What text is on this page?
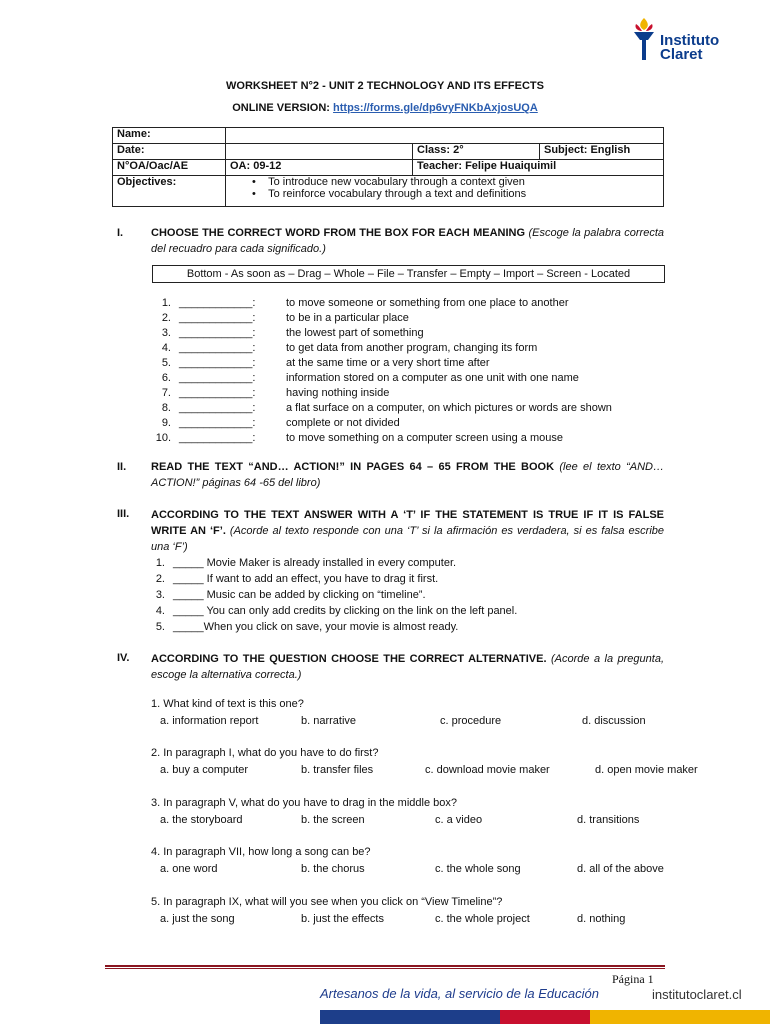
Instituto
Claret
WORKSHEET N°2 - UNIT 2 TECHNOLOGY AND ITS EFFECTS
ONLINE VERSION: https://forms.gle/dp6vyFNKbAxjosUQA
Name:			
Date:		Class: 2°	Subject: English
N°OA/Oac/AE	OA: 09-12	Teacher: Felipe Huaiquimil	
Objectives:	•    To introduce new vocabulary through a context given
•    To reinforce vocabulary through a text and definitions		
I.	CHOOSE THE CORRECT WORD FROM THE BOX FOR EACH MEANING (Escoge la palabra correcta del recuadro para cada significado.)
Bottom - As soon as – Drag – Whole – File – Transfer – Empty – Import – Screen - Located
1. ____________:	to move someone or something from one place to another
2. ____________:	to be in a particular place
3. ____________:	the lowest part of something
4. ____________:	to get data from another program, changing its form
5. ____________:	at the same time or a very short time after
6. ____________:	information stored on a computer as one unit with one name
7. ____________:	having nothing inside
8. ____________:	a flat surface on a computer, on which pictures or words are shown
9. ____________:	complete or not divided
10. ____________:	to move something on a computer screen using a mouse
II. READ THE TEXT “AND… ACTION!” IN PAGES 64 – 65 FROM THE BOOK (lee el texto “AND… ACTION!” páginas 64 -65 del libro)
III. ACCORDING TO THE TEXT ANSWER WITH A ‘T’ IF THE STATEMENT IS TRUE IF IT IS FALSE WRITE AN ‘F’. (Acorde al texto responde con una ‘T’ si la afirmación es verdadera, si es falsa escribe una ‘F’)
1. _____ Movie Maker is already installed in every computer.
2. _____ If want to add an effect, you have to drag it first.
3. _____ Music can be added by clicking on “timeline”.
4. _____ You can only add credits by clicking on the link on the left panel.
5. _____When you click on save, your movie is almost ready.
IV. ACCORDING TO THE QUESTION CHOOSE THE CORRECT ALTERNATIVE. (Acorde a la pregunta, escoge la alternativa correcta.)
1. What kind of text is this one?
a. information report	b. narrative	c. procedure	d. discussion
2. In paragraph I, what do you have to do first?
a. buy a computer	b. transfer files	c. download movie maker	d. open movie maker
3. In paragraph V, what do you have to drag in the middle box?
a. the storyboard	b. the screen	c. a video	d. transitions
4. In paragraph VII, how long a song can be?
a. one word	b. the chorus	c. the whole song	d. all of the above
5. In paragraph IX, what will you see when you click on “View Timeline”?
a. just the song	b. just the effects	c. the whole project	d. nothing
Página 1
Artesanos de la vida, al servicio de la Educación	institutoclaret.cl
